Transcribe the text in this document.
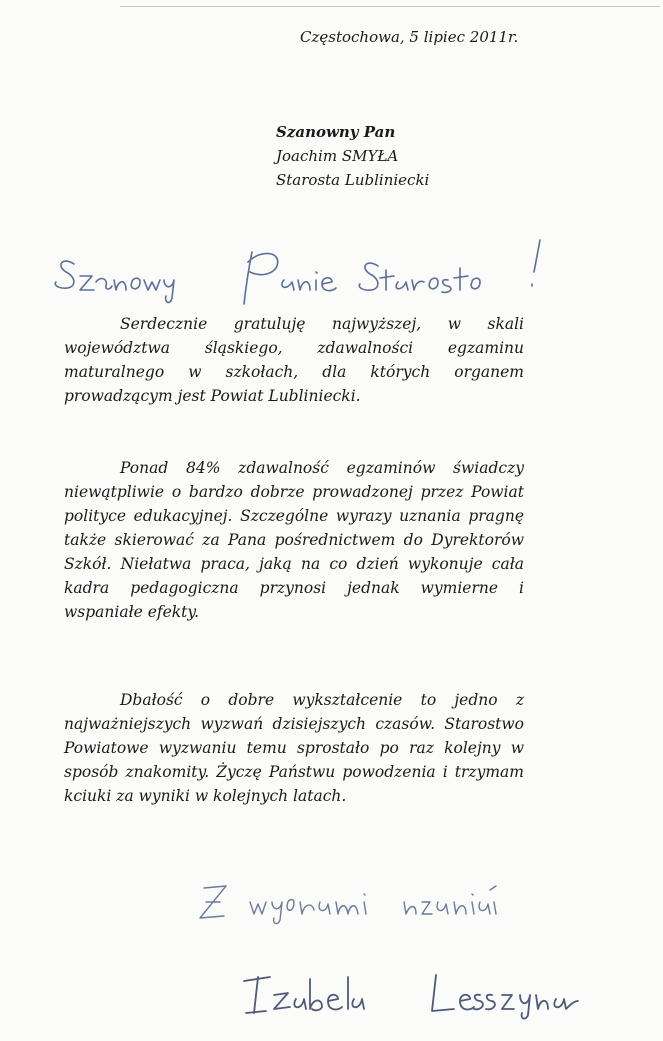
Częstochowa, 5 lipiec 2011r.
Szanowny Pan
Joachim SMYŁA
Starosta Lubliniecki
Serdecznie gratuluję najwyższej, w skali województwa śląskiego, zdawalności egzaminu maturalnego w szkołach, dla których organem prowadzącym jest Powiat Lubliniecki.
Ponad 84% zdawalność egzaminów świadczy niewątpliwie o bardzo dobrze prowadzonej przez Powiat polityce edukacyjnej. Szczególne wyrazy uznania pragnę także skierować za Pana pośrednictwem do Dyrektorów Szkół. Niełatwa praca, jaką na co dzień wykonuje cała kadra pedagogiczna przynosi jednak wymierne i wspaniałe efekty.
Dbałość o dobre wykształcenie to jedno z najważniejszych wyzwań dzisiejszych czasów. Starostwo Powiatowe wyzwaniu temu sprostało po raz kolejny w sposób znakomity. Życzę Państwu powodzenia i trzymam kciuki za wyniki w kolejnych latach.
